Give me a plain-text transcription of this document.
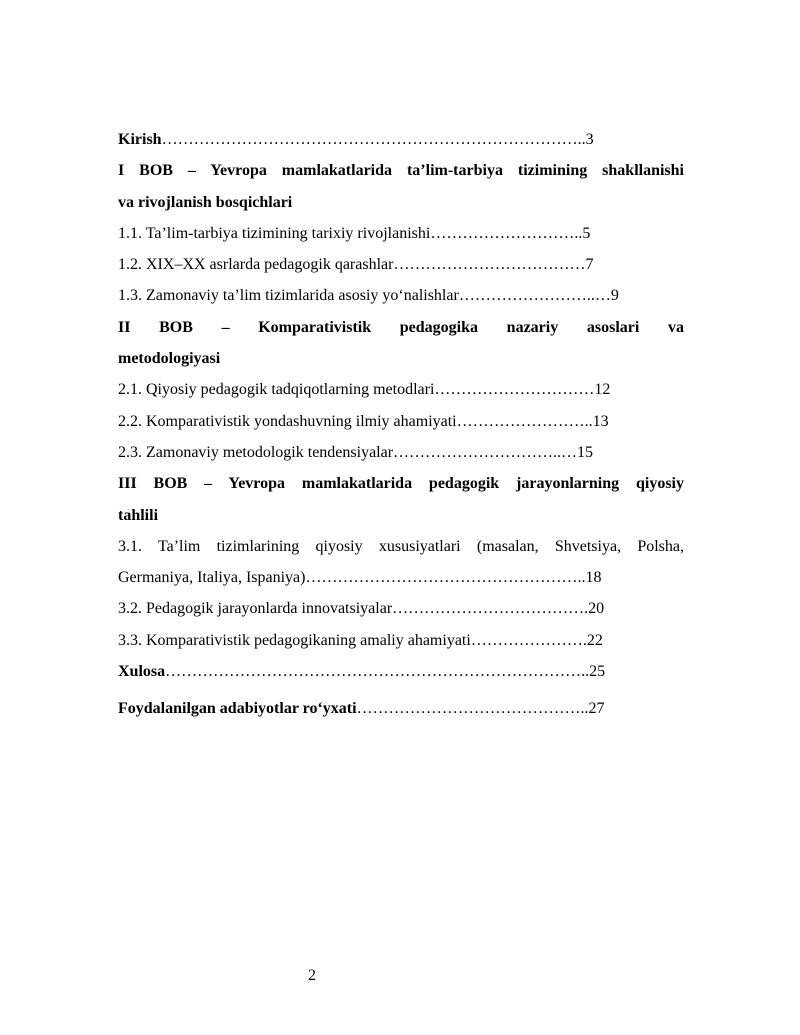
Kirish……………………………………………………………………..3
I BOB – Yevropa mamlakatlarida ta’lim-tarbiya tizimining shakllanishi
va rivojlanish bosqichlari
1.1. Ta’lim-tarbiya tizimining tarixiy rivojlanishi………………………..5
1.2. XIX–XX asrlarda pedagogik qarashlar………………………………7
1.3. Zamonaviy ta’lim tizimlarida asosiy yo‘nalishlar……………………..…9
II BOB – Komparativistik pedagogika nazariy asoslari va
metodologiyasi
2.1. Qiyosiy pedagogik tadqiqotlarning metodlari…………………………12
2.2. Komparativistik yondashuvning ilmiy ahamiyati……………………..13
2.3. Zamonaviy metodologik tendensiyalar…………………………..…15
III BOB – Yevropa mamlakatlarida pedagogik jarayonlarning qiyosiy
tahlili
3.1. Ta’lim tizimlarining qiyosiy xususiyatlari (masalan, Shvetsiya, Polsha,
Germaniya, Italiya, Ispaniya)……………………………………………..18
3.2. Pedagogik jarayonlarda innovatsiyalar……………………………….20
3.3. Komparativistik pedagogikaning amaliy ahamiyati………………….22
Xulosa……………………………………………………………………..25
Foydalanilgan adabiyotlar ro‘yxati……………………………………..27
2
